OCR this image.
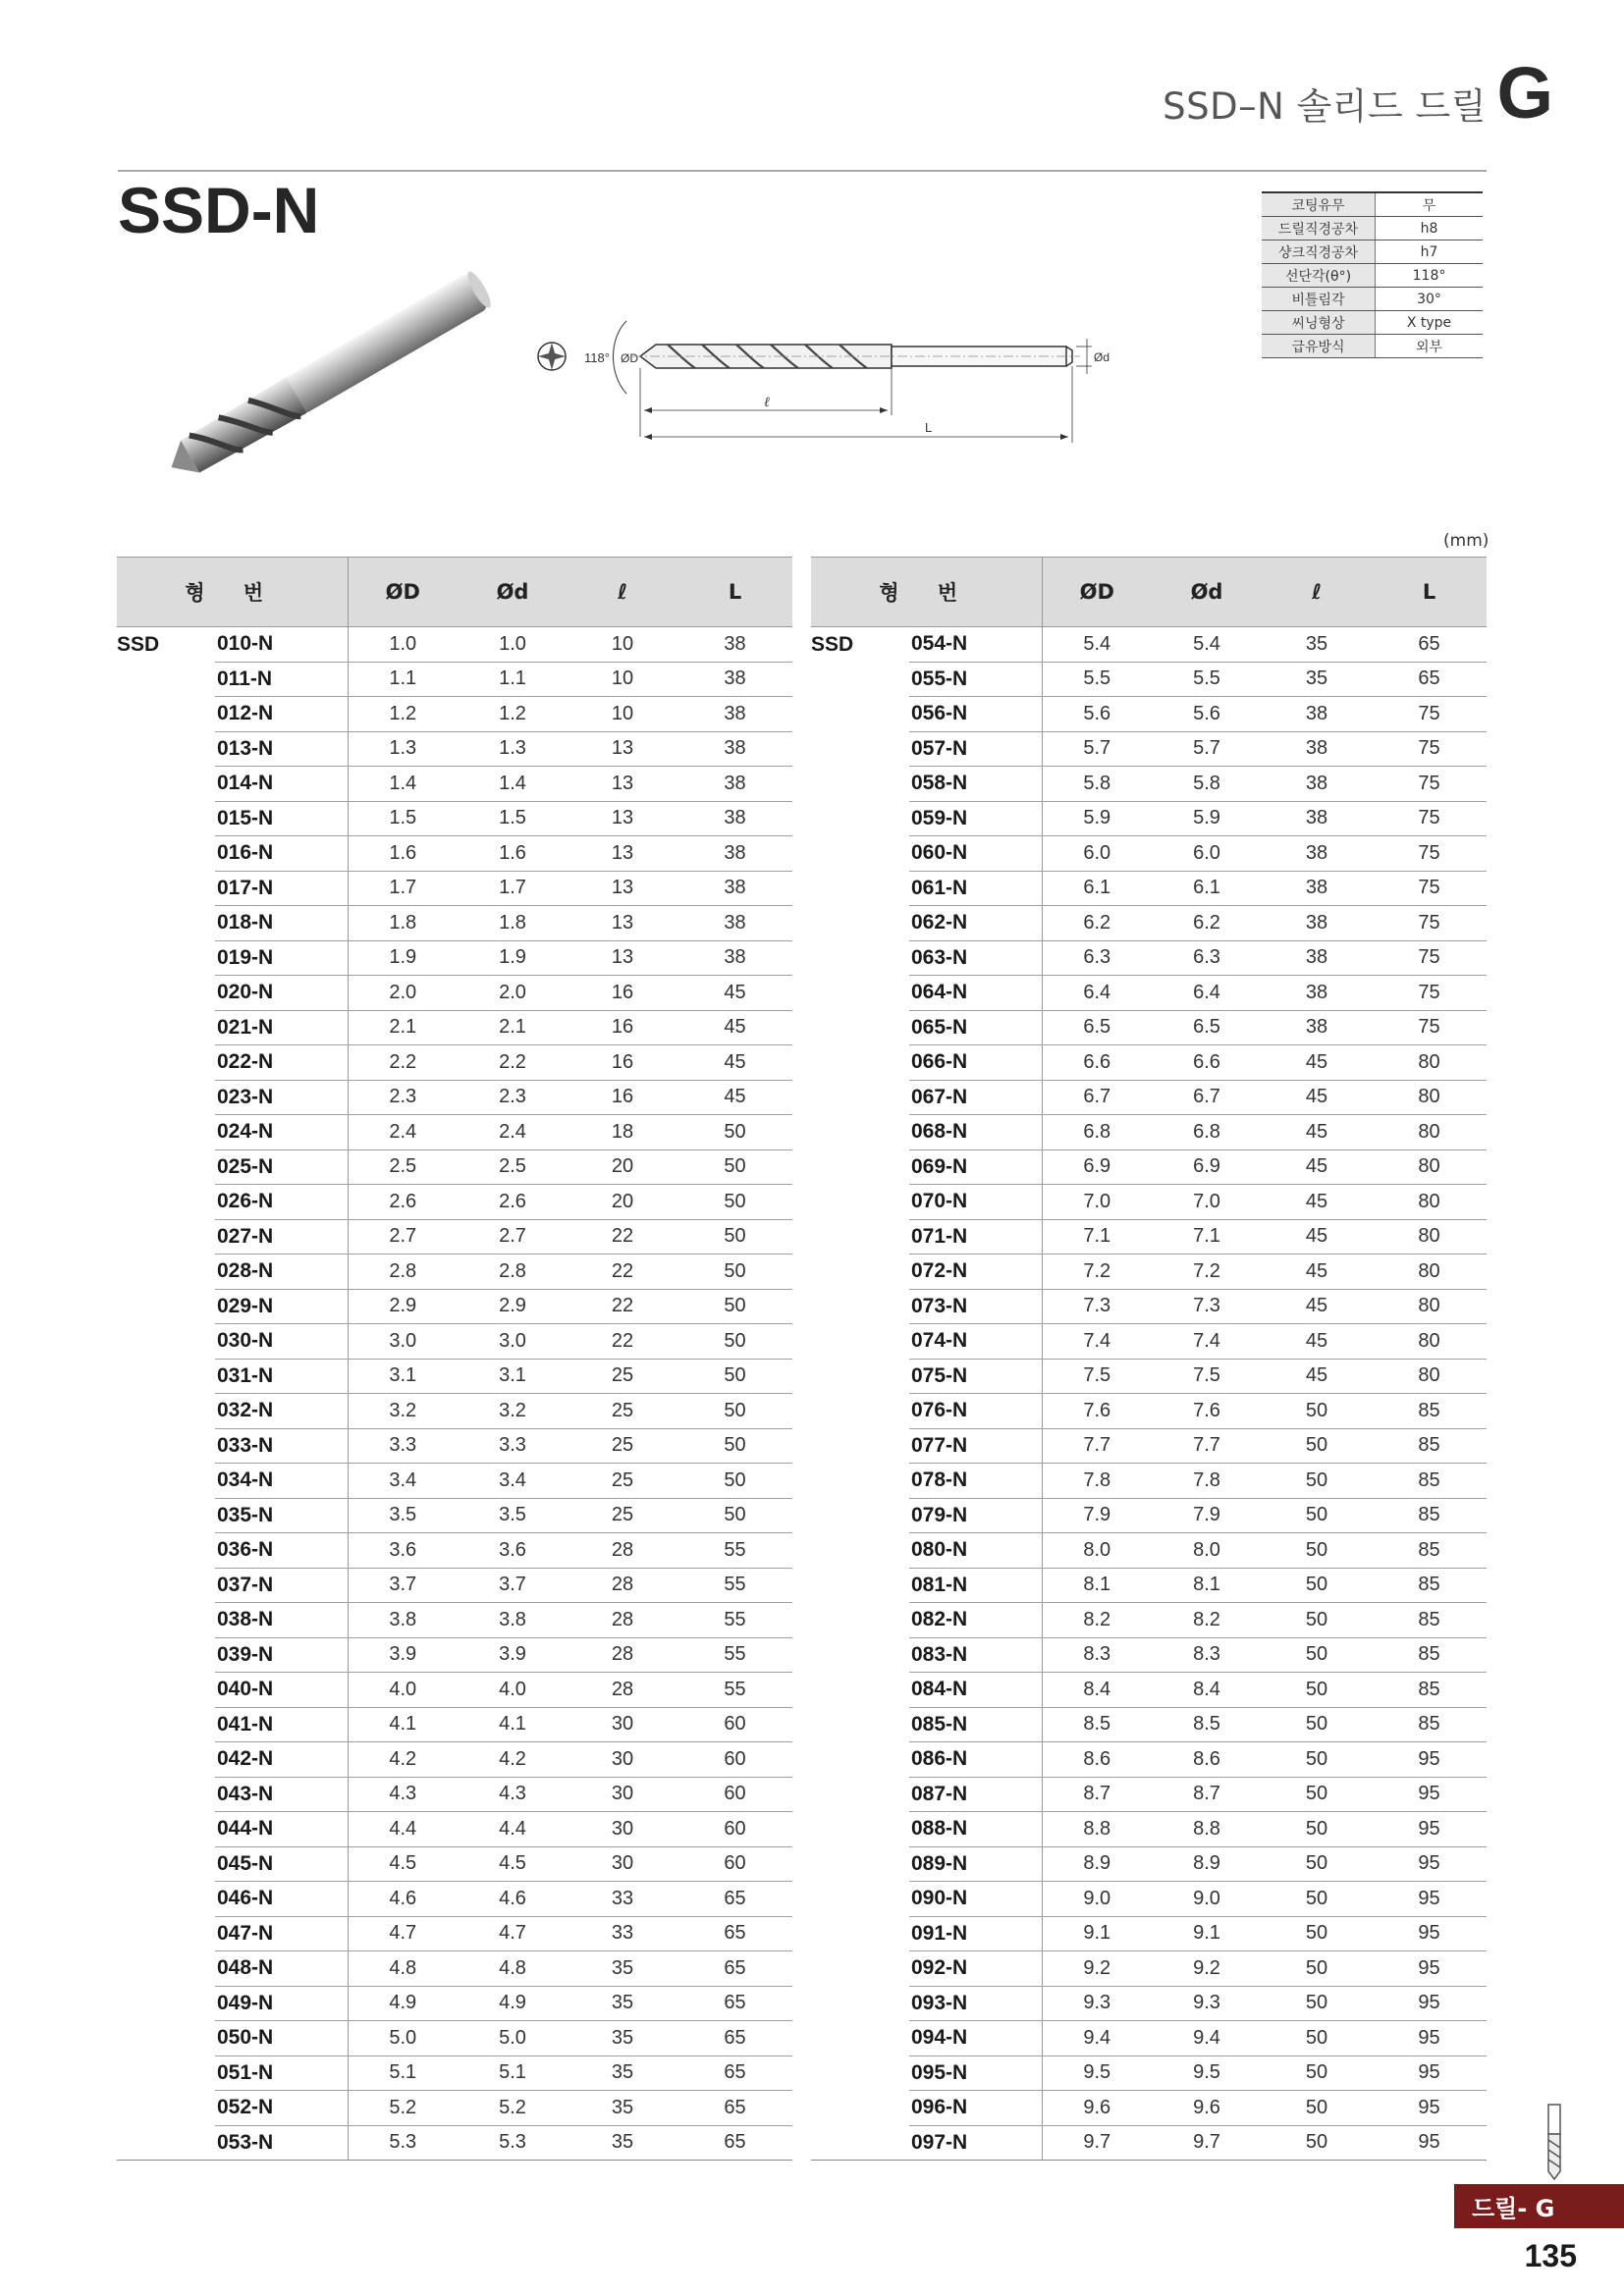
SSD–N 솔리드 드릴 G
SSD-N	코팅유무	무
드릴직경공차	h8
샹크직경공차	h7
선단각(θ°)	118°
비틀림각	30°
씨닝형상	X type
급유방식	외부
118° ØD	Ød
ℓ
L
(mm)
형 번		ØD	Ød	ℓ	L
SSD	010-N	1.0	1.0	10	38
	011-N	1.1	1.1	10	38
	012-N	1.2	1.2	10	38
	013-N	1.3	1.3	13	38
	014-N	1.4	1.4	13	38
	015-N	1.5	1.5	13	38
	016-N	1.6	1.6	13	38
	017-N	1.7	1.7	13	38
	018-N	1.8	1.8	13	38
	019-N	1.9	1.9	13	38
	020-N	2.0	2.0	16	45
	021-N	2.1	2.1	16	45
	022-N	2.2	2.2	16	45
	023-N	2.3	2.3	16	45
	024-N	2.4	2.4	18	50
	025-N	2.5	2.5	20	50
	026-N	2.6	2.6	20	50
	027-N	2.7	2.7	22	50
	028-N	2.8	2.8	22	50
	029-N	2.9	2.9	22	50
	030-N	3.0	3.0	22	50
	031-N	3.1	3.1	25	50
	032-N	3.2	3.2	25	50
	033-N	3.3	3.3	25	50
	034-N	3.4	3.4	25	50
	035-N	3.5	3.5	25	50
	036-N	3.6	3.6	28	55
	037-N	3.7	3.7	28	55
	038-N	3.8	3.8	28	55
	039-N	3.9	3.9	28	55
	040-N	4.0	4.0	28	55
	041-N	4.1	4.1	30	60
	042-N	4.2	4.2	30	60
	043-N	4.3	4.3	30	60
	044-N	4.4	4.4	30	60
	045-N	4.5	4.5	30	60
	046-N	4.6	4.6	33	65
	047-N	4.7	4.7	33	65
	048-N	4.8	4.8	35	65
	049-N	4.9	4.9	35	65
	050-N	5.0	5.0	35	65
	051-N	5.1	5.1	35	65
	052-N	5.2	5.2	35	65
	053-N	5.3	5.3	35	65
형 번		ØD	Ød	ℓ	L
SSD	054-N	5.4	5.4	35	65
	055-N	5.5	5.5	35	65
	056-N	5.6	5.6	38	75
	057-N	5.7	5.7	38	75
	058-N	5.8	5.8	38	75
	059-N	5.9	5.9	38	75
	060-N	6.0	6.0	38	75
	061-N	6.1	6.1	38	75
	062-N	6.2	6.2	38	75
	063-N	6.3	6.3	38	75
	064-N	6.4	6.4	38	75
	065-N	6.5	6.5	38	75
	066-N	6.6	6.6	45	80
	067-N	6.7	6.7	45	80
	068-N	6.8	6.8	45	80
	069-N	6.9	6.9	45	80
	070-N	7.0	7.0	45	80
	071-N	7.1	7.1	45	80
	072-N	7.2	7.2	45	80
	073-N	7.3	7.3	45	80
	074-N	7.4	7.4	45	80
	075-N	7.5	7.5	45	80
	076-N	7.6	7.6	50	85
	077-N	7.7	7.7	50	85
	078-N	7.8	7.8	50	85
	079-N	7.9	7.9	50	85
	080-N	8.0	8.0	50	85
	081-N	8.1	8.1	50	85
	082-N	8.2	8.2	50	85
	083-N	8.3	8.3	50	85
	084-N	8.4	8.4	50	85
	085-N	8.5	8.5	50	85
	086-N	8.6	8.6	50	95
	087-N	8.7	8.7	50	95
	088-N	8.8	8.8	50	95
	089-N	8.9	8.9	50	95
	090-N	9.0	9.0	50	95
	091-N	9.1	9.1	50	95
	092-N	9.2	9.2	50	95
	093-N	9.3	9.3	50	95
	094-N	9.4	9.4	50	95
	095-N	9.5	9.5	50	95
	096-N	9.6	9.6	50	95
	097-N	9.7	9.7	50	95
드릴- G
135
